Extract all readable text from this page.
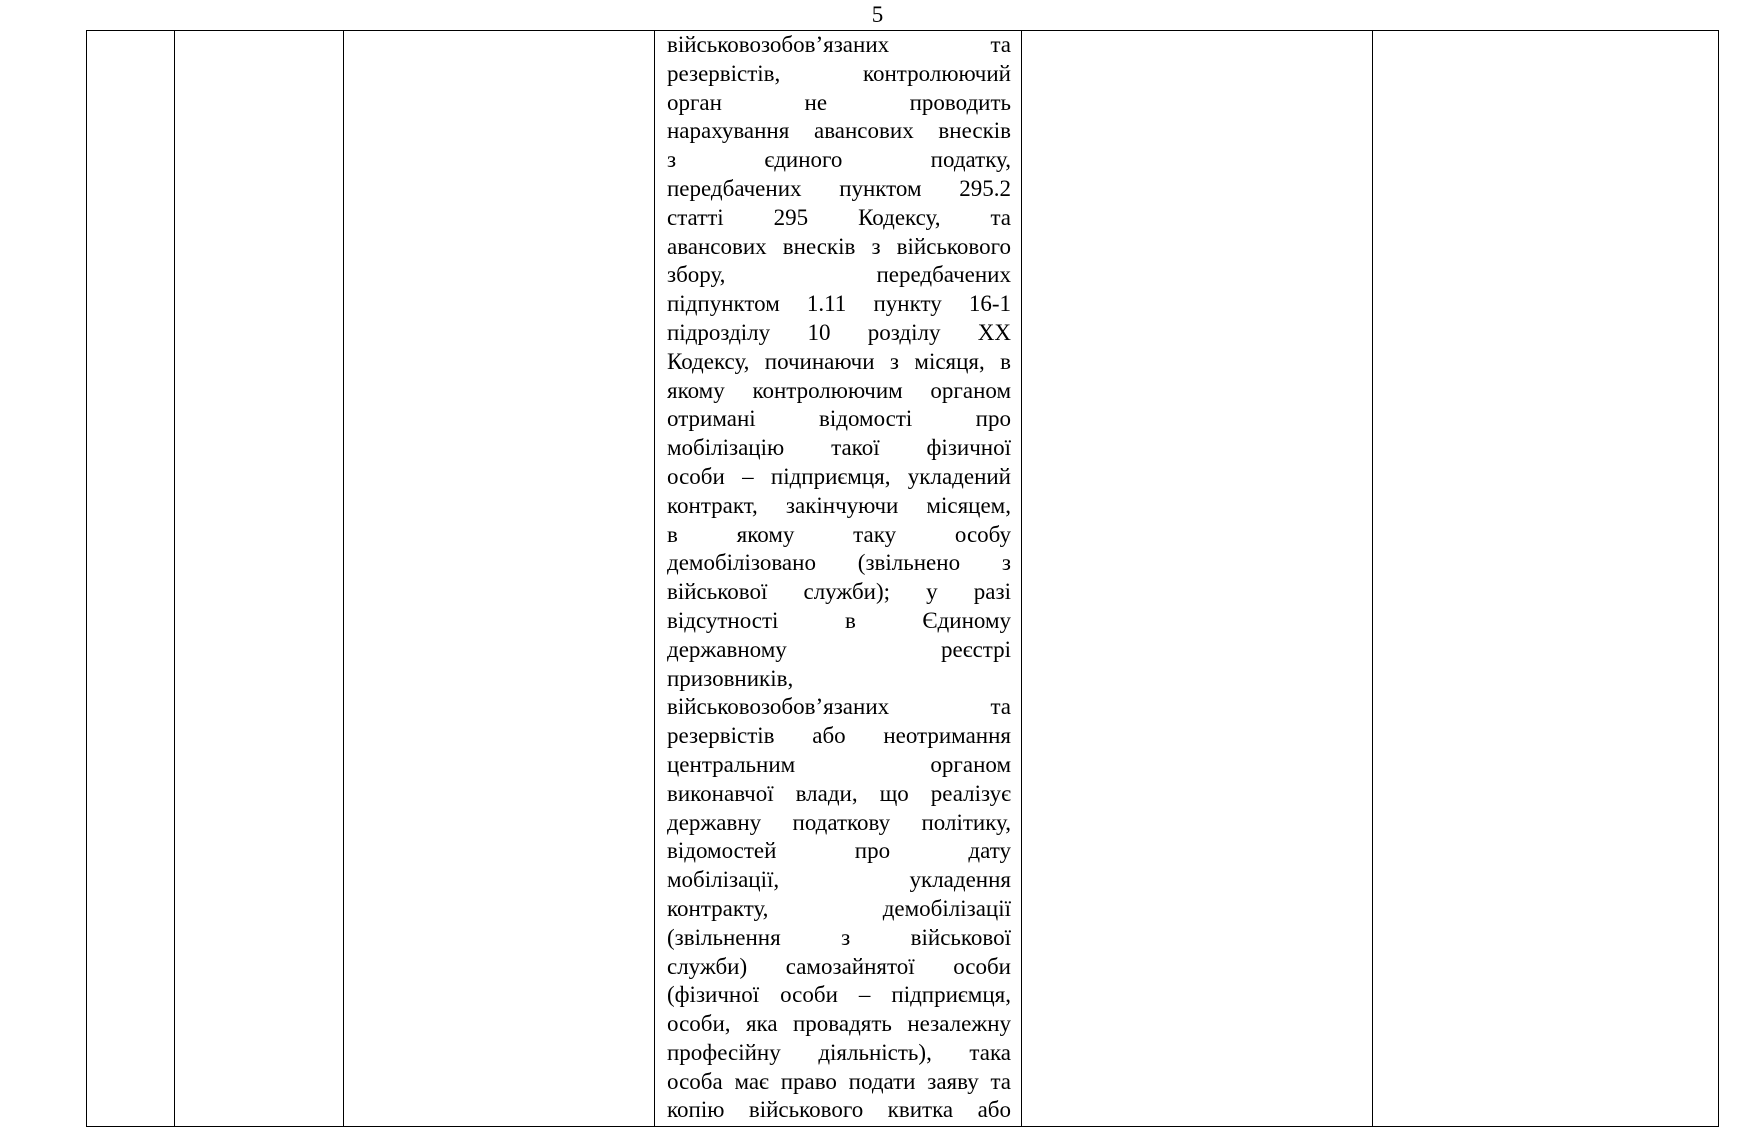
5

військовозобов’язаних та
резервістів, контролюючий
орган не проводить
нарахування авансових внесків
з єдиного податку,
передбачених пунктом 295.2
статті 295 Кодексу, та
авансових внесків з військового
збору, передбачених
підпунктом 1.11 пункту 16-1
підрозділу 10 розділу XX
Кодексу, починаючи з місяця, в
якому контролюючим органом
отримані відомості про
мобілізацію такої фізичної
особи – підприємця, укладений
контракт, закінчуючи місяцем,
в якому таку особу
демобілізовано (звільнено з
військової служби); у разі
відсутності в Єдиному
державному реєстрі
призовників,
військовозобов’язаних та
резервістів або неотримання
центральним органом
виконавчої влади, що реалізує
державну податкову політику,
відомостей про дату
мобілізації, укладення
контракту, демобілізації
(звільнення з військової
служби) самозайнятої особи
(фізичної особи – підприємця,
особи, яка провадять незалежну
професійну діяльність), така
особа має право подати заяву та
копію військового квитка або
